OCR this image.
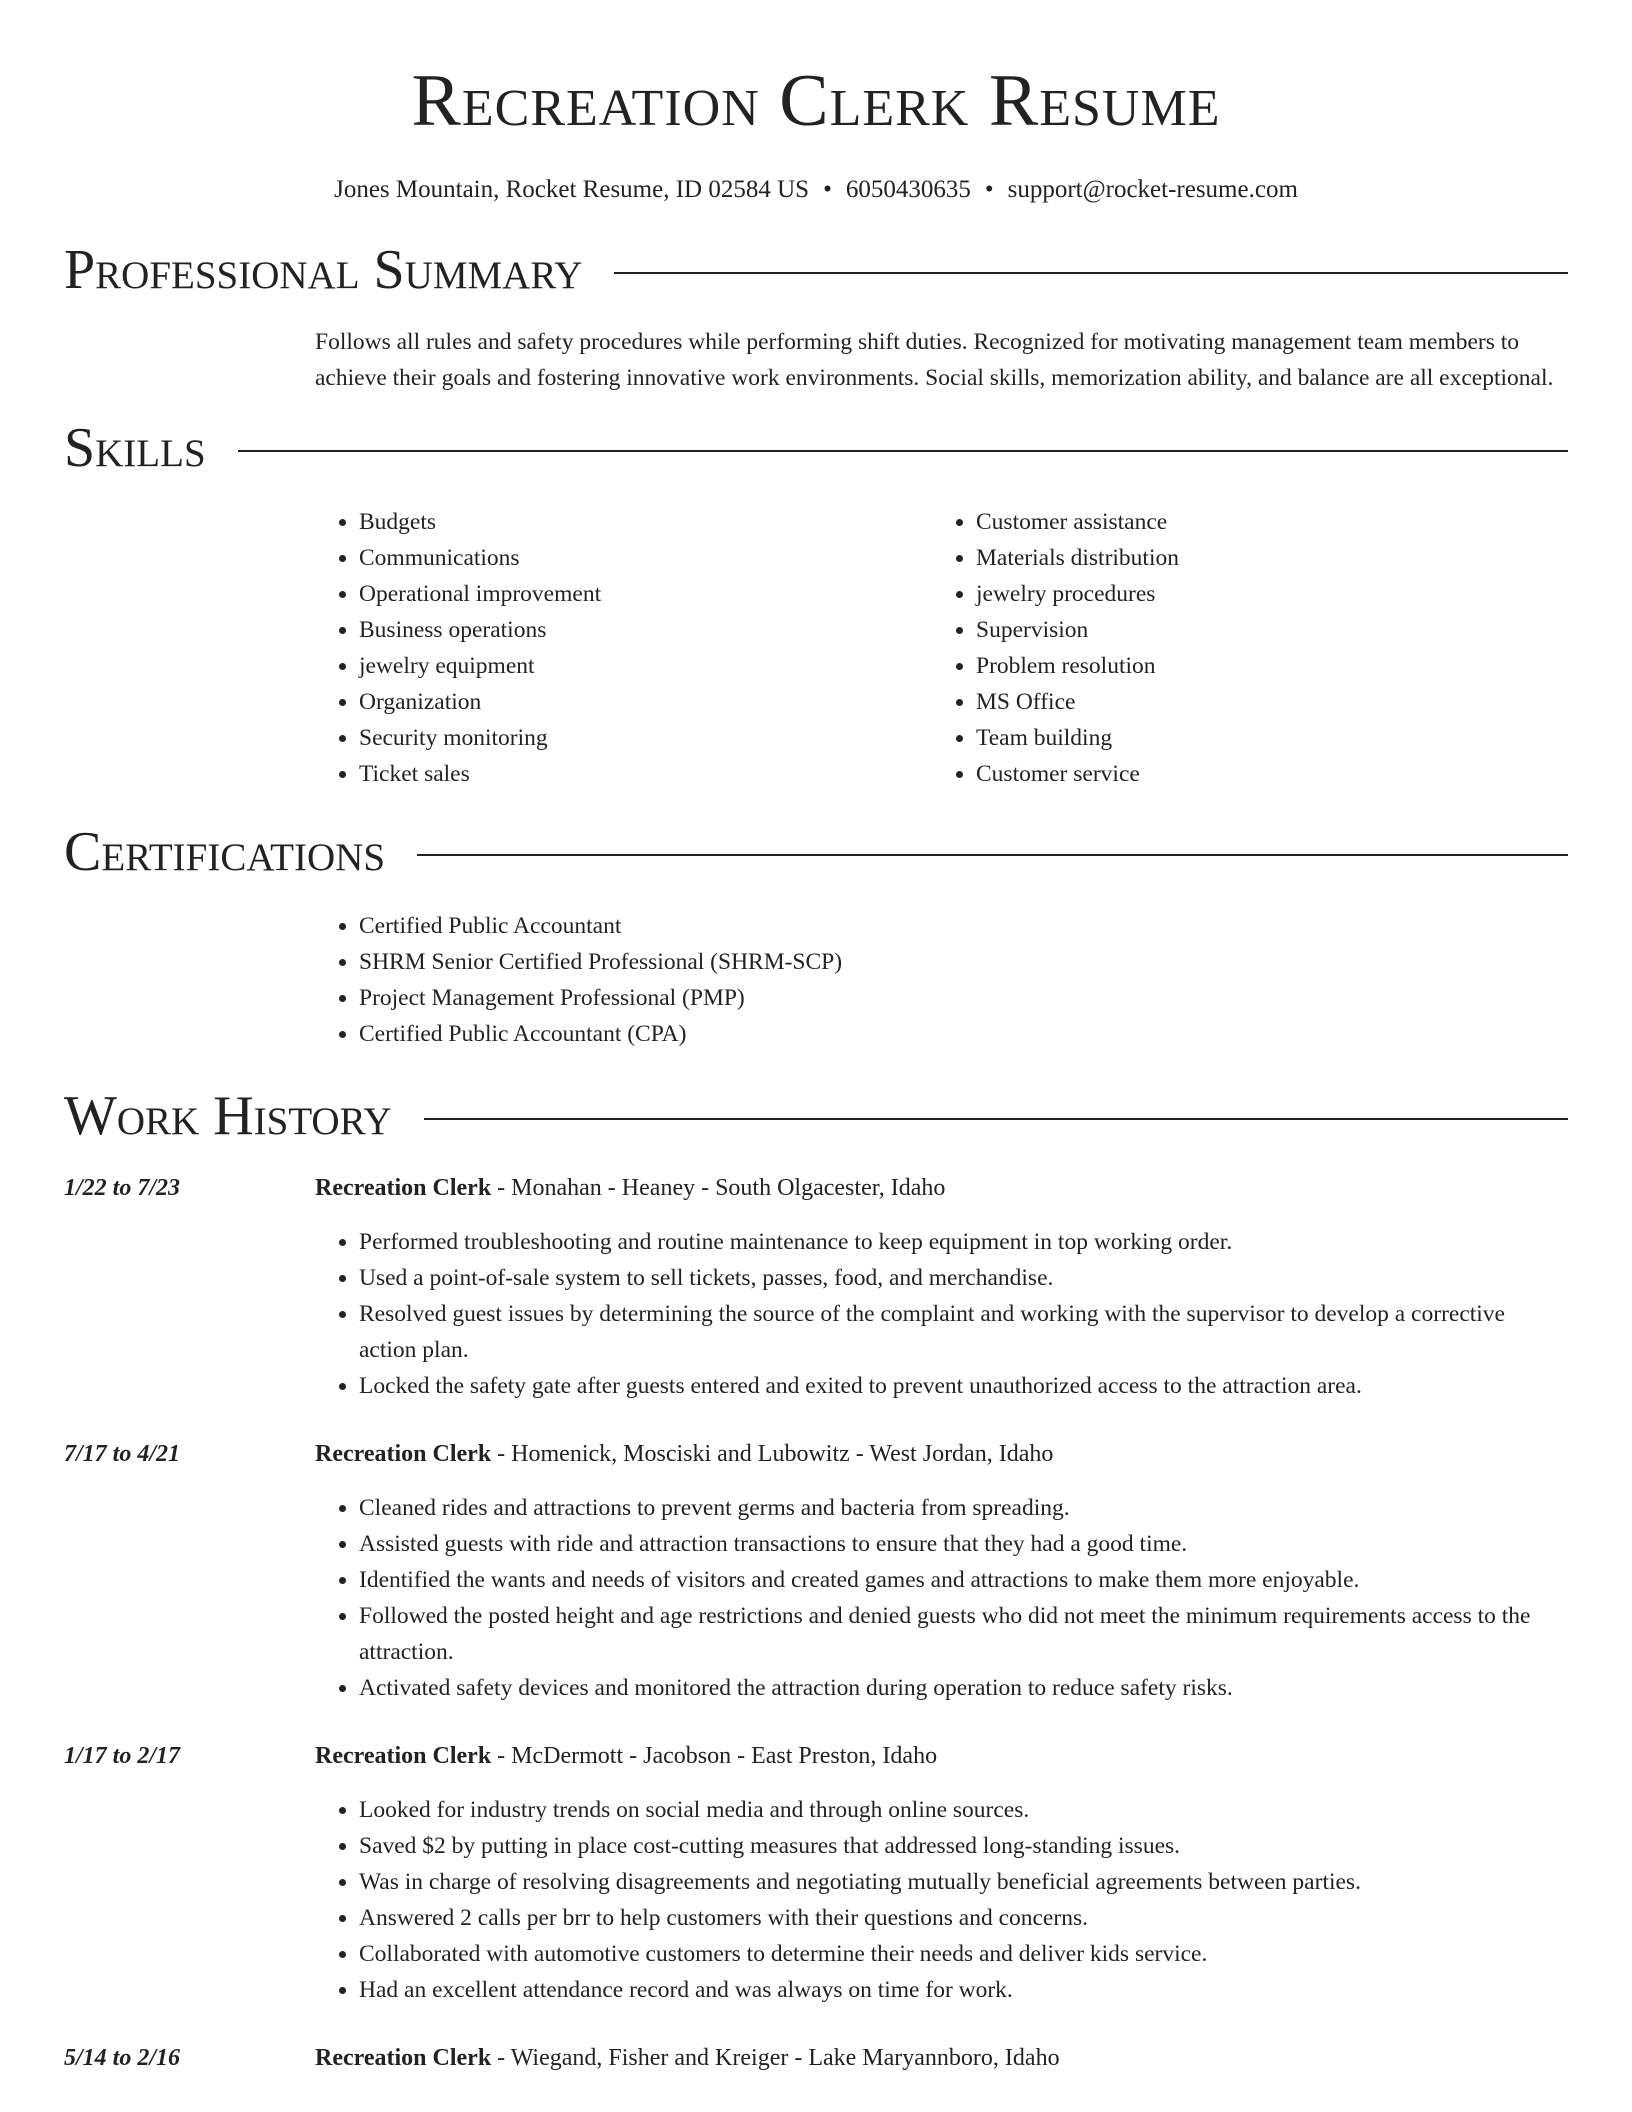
Recreation Clerk Resume
Jones Mountain, Rocket Resume, ID 02584 US • 6050430635 • support@rocket-resume.com
Professional Summary
Follows all rules and safety procedures while performing shift duties. Recognized for motivating management team members to achieve their goals and fostering innovative work environments. Social skills, memorization ability, and balance are all exceptional.
Skills
• Budgets
• Communications
• Operational improvement
• Business operations
• jewelry equipment
• Organization
• Security monitoring
• Ticket sales
• Customer assistance
• Materials distribution
• jewelry procedures
• Supervision
• Problem resolution
• MS Office
• Team building
• Customer service
Certifications
• Certified Public Accountant
• SHRM Senior Certified Professional (SHRM-SCP)
• Project Management Professional (PMP)
• Certified Public Accountant (CPA)
Work History
1/22 to 7/23	Recreation Clerk - Monahan - Heaney - South Olgacester, Idaho
• Performed troubleshooting and routine maintenance to keep equipment in top working order.
• Used a point-of-sale system to sell tickets, passes, food, and merchandise.
• Resolved guest issues by determining the source of the complaint and working with the supervisor to develop a corrective action plan.
• Locked the safety gate after guests entered and exited to prevent unauthorized access to the attraction area.
7/17 to 4/21	Recreation Clerk - Homenick, Mosciski and Lubowitz - West Jordan, Idaho
• Cleaned rides and attractions to prevent germs and bacteria from spreading.
• Assisted guests with ride and attraction transactions to ensure that they had a good time.
• Identified the wants and needs of visitors and created games and attractions to make them more enjoyable.
• Followed the posted height and age restrictions and denied guests who did not meet the minimum requirements access to the attraction.
• Activated safety devices and monitored the attraction during operation to reduce safety risks.
1/17 to 2/17	Recreation Clerk - McDermott - Jacobson - East Preston, Idaho
• Looked for industry trends on social media and through online sources.
• Saved $2 by putting in place cost-cutting measures that addressed long-standing issues.
• Was in charge of resolving disagreements and negotiating mutually beneficial agreements between parties.
• Answered 2 calls per brr to help customers with their questions and concerns.
• Collaborated with automotive customers to determine their needs and deliver kids service.
• Had an excellent attendance record and was always on time for work.
5/14 to 2/16	Recreation Clerk - Wiegand, Fisher and Kreiger - Lake Maryannboro, Idaho
